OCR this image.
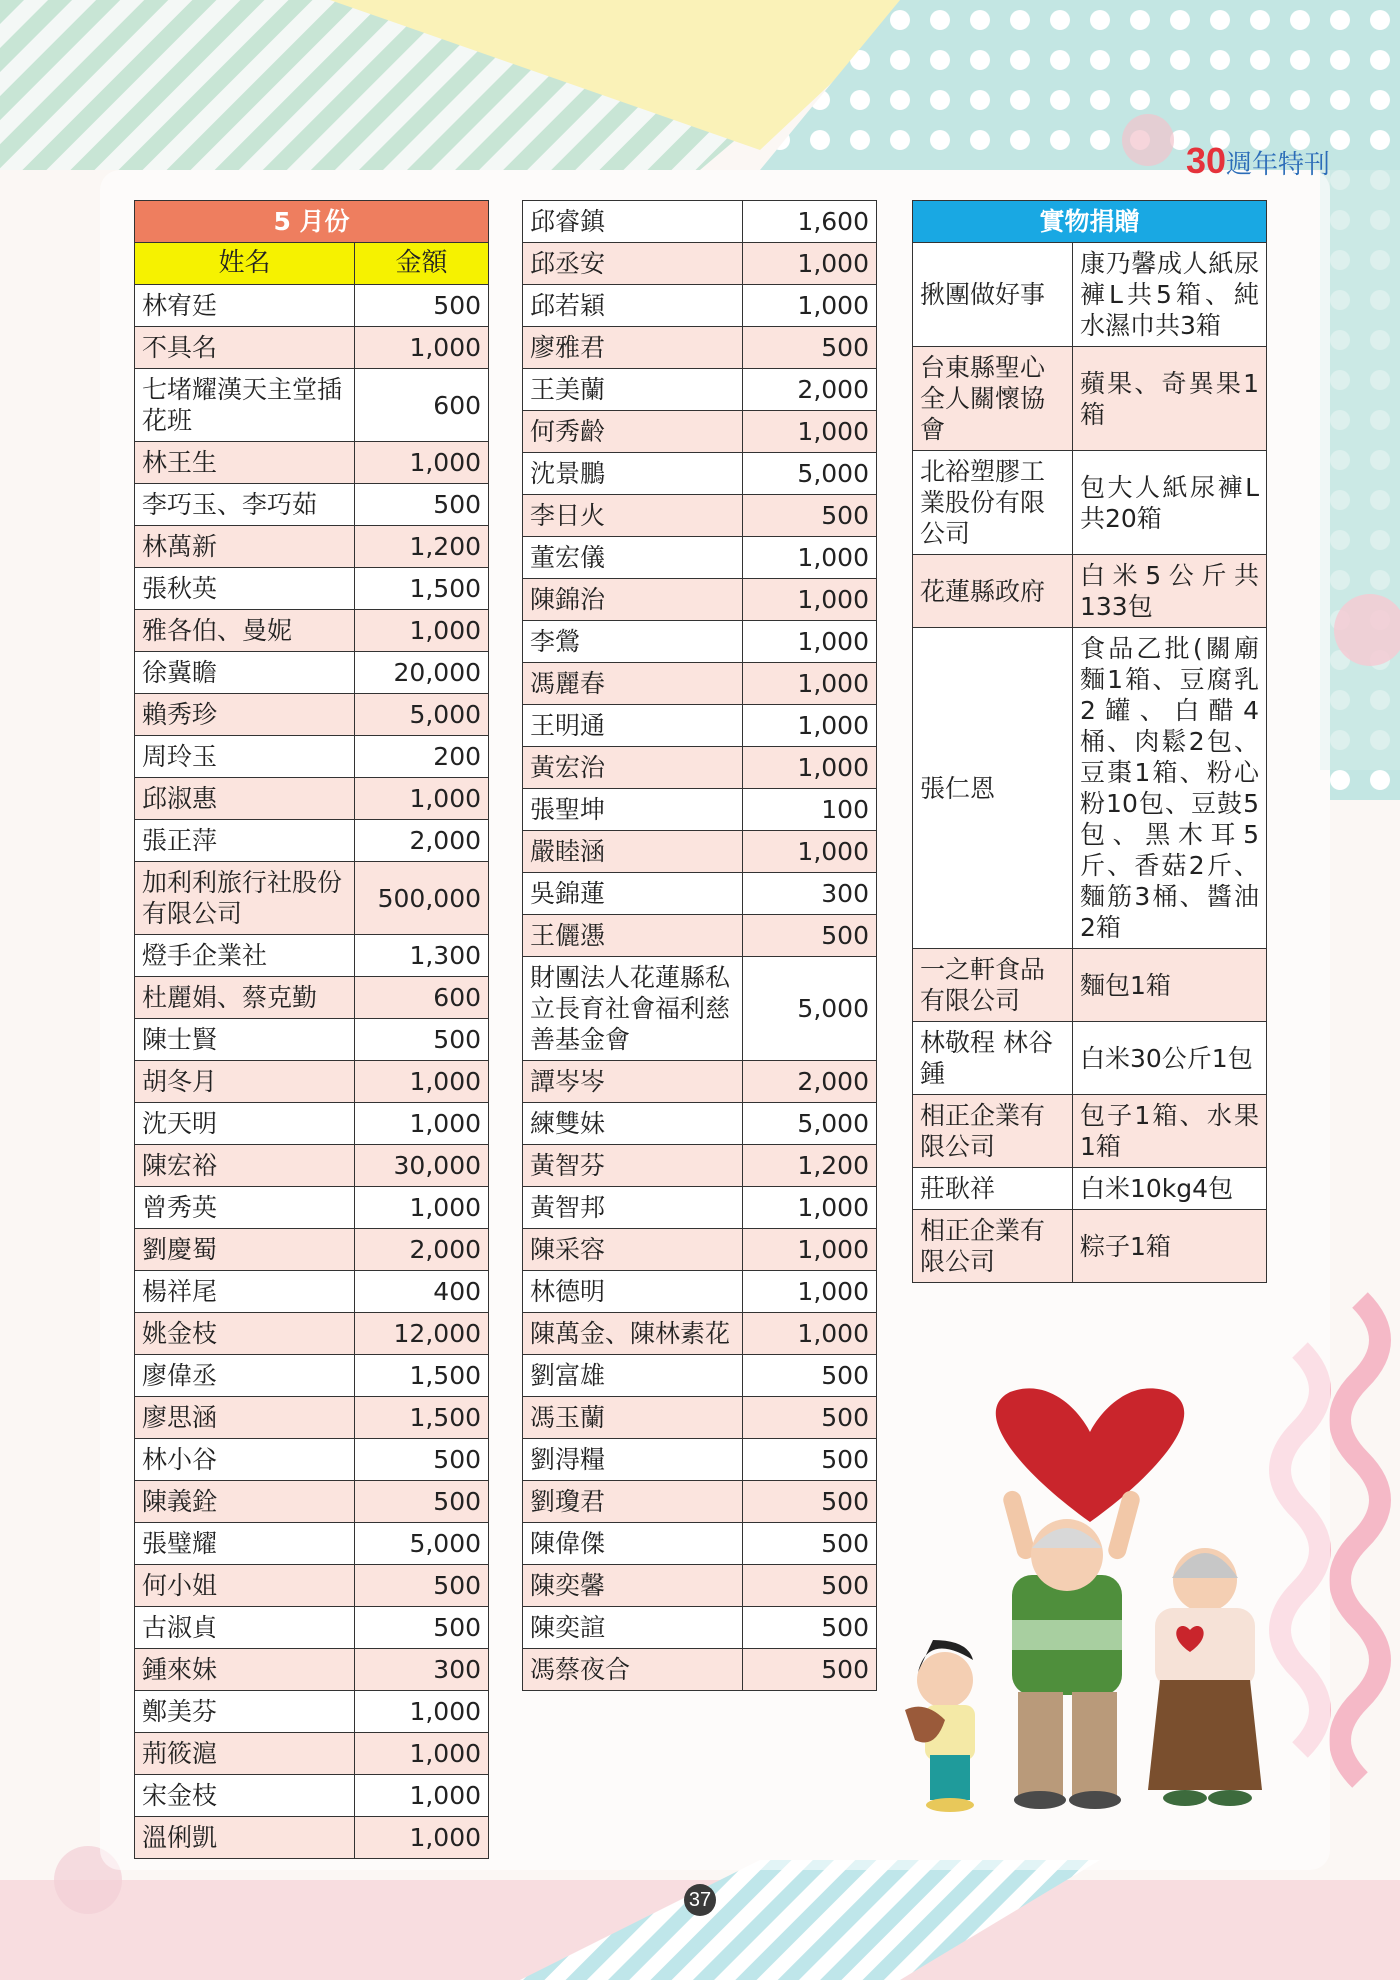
30週年特刊
5 月份	
姓名	金額
林宥廷	500
不具名	1,000
七堵耀漢天主堂插花班	600
林王生	1,000
李巧玉、李巧茹	500
林萬新	1,200
張秋英	1,500
雅各伯、曼妮	1,000
徐冀瞻	20,000
賴秀珍	5,000
周玲玉	200
邱淑惠	1,000
張正萍	2,000
加利利旅行社股份有限公司	500,000
燈手企業社	1,300
杜麗娟、蔡克勤	600
陳士賢	500
胡冬月	1,000
沈天明	1,000
陳宏裕	30,000
曾秀英	1,000
劉慶蜀	2,000
楊祥尾	400
姚金枝	12,000
廖偉丞	1,500
廖思涵	1,500
林小谷	500
陳義銓	500
張璧耀	5,000
何小姐	500
古淑貞	500
鍾來妹	300
鄭美芬	1,000
荊筱滬	1,000
宋金枝	1,000
溫俐凱	1,000
邱睿鎮	1,600
邱丞安	1,000
邱若穎	1,000
廖雅君	500
王美蘭	2,000
何秀齡	1,000
沈景鵬	5,000
李日火	500
董宏儀	1,000
陳錦治	1,000
李鶯	1,000
馮麗春	1,000
王明通	1,000
黃宏治	1,000
張聖坤	100
嚴睦涵	1,000
吳錦蓮	300
王儷慿	500
財團法人花蓮縣私立長育社會福利慈善基金會	5,000
譚岑岑	2,000
練雙妹	5,000
黃智芬	1,200
黃智邦	1,000
陳采容	1,000
林德明	1,000
陳萬金、陳林素花	1,000
劉富雄	500
馮玉蘭	500
劉淂糧	500
劉瓊君	500
陳偉傑	500
陳奕馨	500
陳奕諠	500
馮蔡夜合	500
實物捐贈	
揪團做好事	康乃馨成人紙尿褲L共5箱、純水濕巾共3箱
台東縣聖心全人關懷協會	蘋果、奇異果1箱
北裕塑膠工業股份有限公司	包大人紙尿褲L共20箱
花蓮縣政府	白米5公斤共133包
張仁恩	食品乙批(關廟麵1箱、豆腐乳2罐、白醋4桶、肉鬆2包、豆棗1箱、粉心粉10包、豆鼓5包、黑木耳5斤、香菇2斤、麵筋3桶、醬油2箱
一之軒食品有限公司	麵包1箱
林敬程 林谷鍾	白米30公斤1包
相正企業有限公司	包子1箱、水果1箱
莊耿祥	白米10kg4包
相正企業有限公司	粽子1箱
37
